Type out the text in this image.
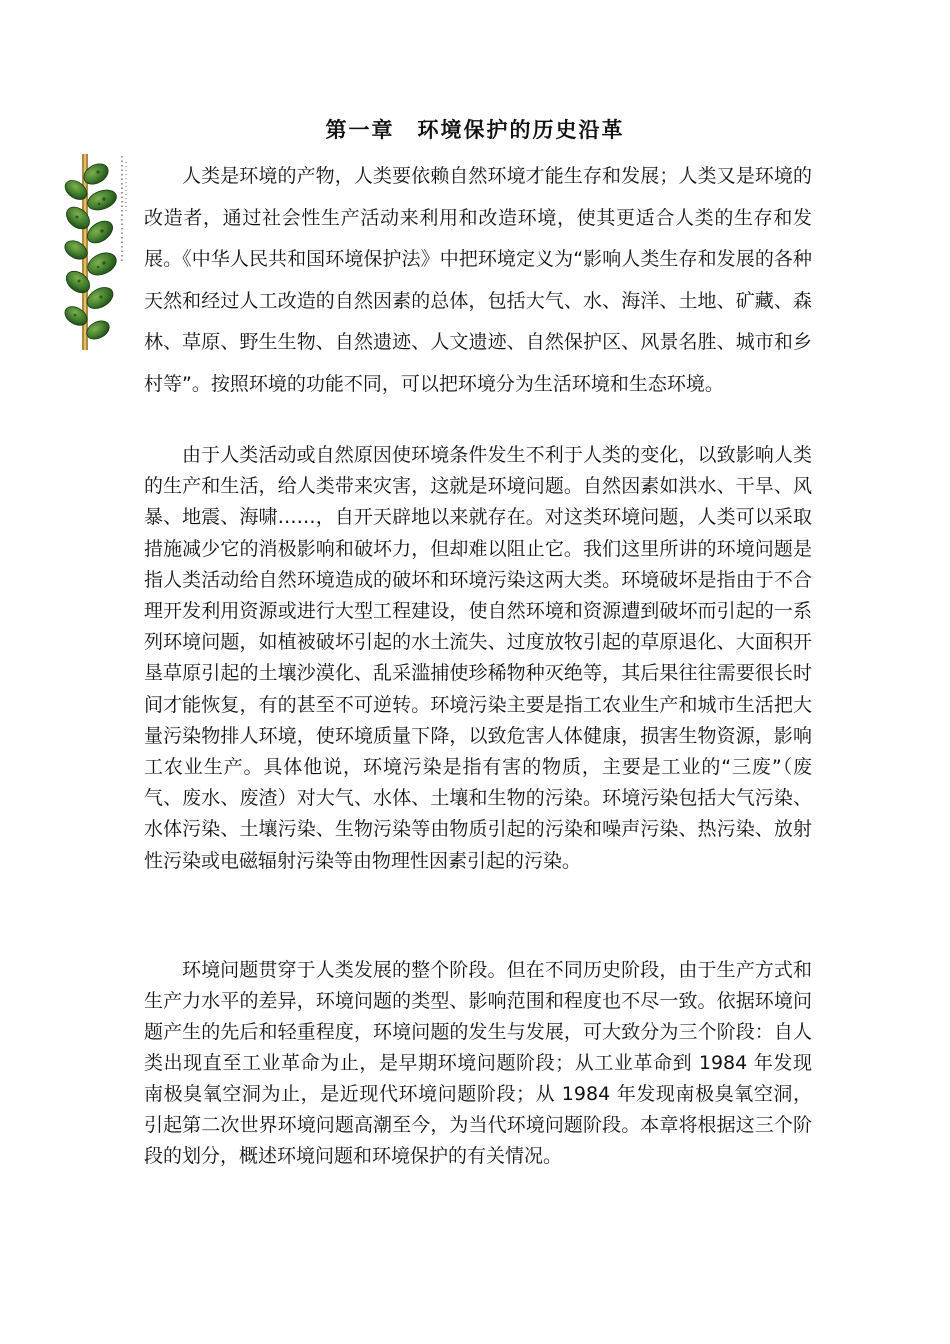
第一章　环境保护的历史沿革

人类是环境的产物，人类要依赖自然环境才能生存和发展；人类又是环境的改造者，通过社会性生产活动来利用和改造环境，使其更适合人类的生存和发展。《中华人民共和国环境保护法》中把环境定义为“影响人类生存和发展的各种天然和经过人工改造的自然因素的总体，包括大气、水、海洋、土地、矿藏、森林、草原、野生生物、自然遗迹、人文遗迹、自然保护区、风景名胜、城市和乡村等”。按照环境的功能不同，可以把环境分为生活环境和生态环境。

由于人类活动或自然原因使环境条件发生不利于人类的变化，以致影响人类的生产和生活，给人类带来灾害，这就是环境问题。自然因素如洪水、干旱、风暴、地震、海啸……，自开天辟地以来就存在。对这类环境问题，人类可以采取措施减少它的消极影响和破坏力，但却难以阻止它。我们这里所讲的环境问题是指人类活动给自然环境造成的破坏和环境污染这两大类。环境破坏是指由于不合理开发利用资源或进行大型工程建设，使自然环境和资源遭到破坏而引起的一系列环境问题，如植被破坏引起的水土流失、过度放牧引起的草原退化、大面积开垦草原引起的土壤沙漠化、乱采滥捕使珍稀物种灭绝等，其后果往往需要很长时间才能恢复，有的甚至不可逆转。环境污染主要是指工农业生产和城市生活把大量污染物排人环境，使环境质量下降，以致危害人体健康，损害生物资源，影响工农业生产。具体他说，环境污染是指有害的物质，主要是工业的“三废”（废气、废水、废渣）对大气、水体、土壤和生物的污染。环境污染包括大气污染、水体污染、土壤污染、生物污染等由物质引起的污染和噪声污染、热污染、放射性污染或电磁辐射污染等由物理性因素引起的污染。

环境问题贯穿于人类发展的整个阶段。但在不同历史阶段，由于生产方式和生产力水平的差异，环境问题的类型、影响范围和程度也不尽一致。依据环境问题产生的先后和轻重程度，环境问题的发生与发展，可大致分为三个阶段：自人类出现直至工业革命为止，是早期环境问题阶段；从工业革命到 1984 年发现南极臭氧空洞为止，是近现代环境问题阶段；从 1984 年发现南极臭氧空洞，引起第二次世界环境问题高潮至今，为当代环境问题阶段。本章将根据这三个阶段的划分，概述环境问题和环境保护的有关情况。
